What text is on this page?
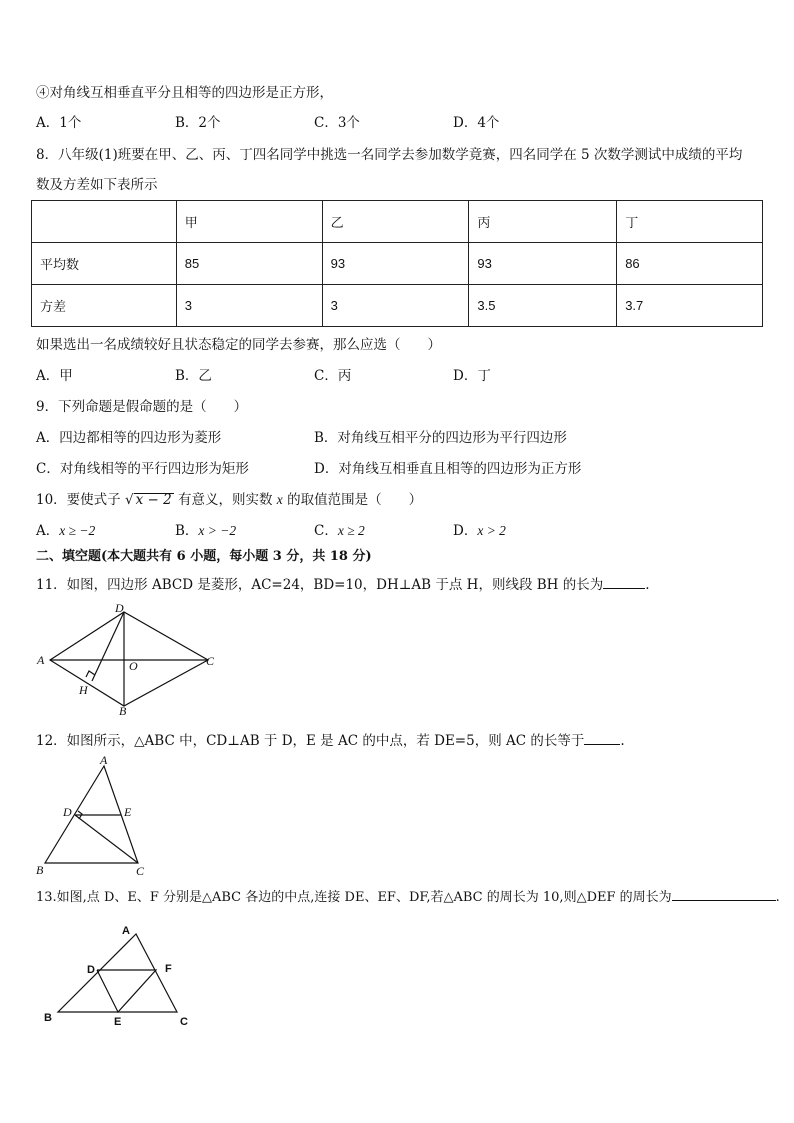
④对角线互相垂直平分且相等的四边形是正方形，
A．1个	B．2个	C．3个	D．4个
8．八年级(1)班要在甲、乙、丙、丁四名同学中挑选一名同学去参加数学竟赛，四名同学在 5 次数学测试中成绩的平均
数及方差如下表所示
	甲	乙	丙	丁
平均数	85	93	93	86
方差	3	3	3.5	3.7
如果选出一名成绩较好且状态稳定的同学去参赛，那么应选（　　）
A．甲	B．乙	C．丙	D．丁
9．下列命题是假命题的是（　　）
A．四边都相等的四边形为菱形	B．对角线互相平分的四边形为平行四边形
C．对角线相等的平行四边形为矩形	D．对角线互相垂直且相等的四边形为正方形
10．要使式子 √ x − 2 有意义，则实数 x 的取值范围是（　　）
A．x ≥ −2	B．x > −2	C．x ≥ 2	D．x > 2
二、填空题(本大题共有 6 小题，每小题 3 分，共 18 分)
11．如图，四边形 ABCD 是菱形，AC=24，BD=10，DH⊥AB 于点 H，则线段 BH 的长为	.
D
A	O	C
H
B
A
D	E
B	C
A
D	F
B	E	C
12．如图所示，△ABC 中，CD⊥AB 于 D，E 是 AC 的中点，若 DE=5，则 AC 的长等于	.
13.如图,点 D、E、F 分别是△ABC 各边的中点,连接 DE、EF、DF,若△ABC 的周长为 10,则△DEF 的周长为	.
